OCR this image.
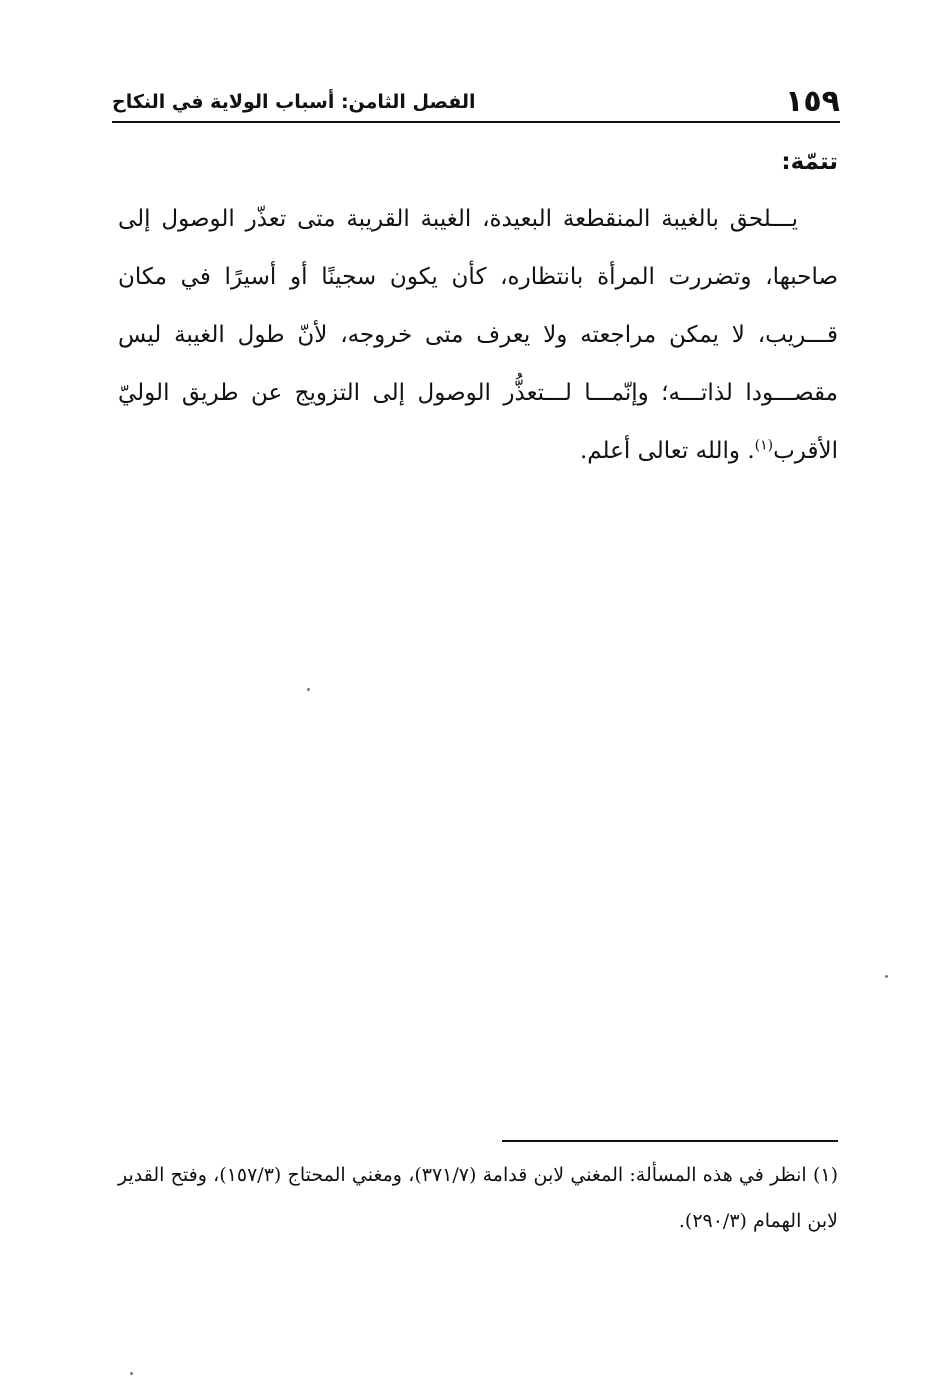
١٥٩
الفصل الثامن: أسباب الولاية في النكاح
تتمّة:

يـــلحق بالغيبة المنقطعة البعيدة، الغيبة القريبة متى تعذّر الوصول إلى صاحبها، وتضررت المرأة بانتظاره، كأن يكون سجينًا أو أسيرًا في مكان قـــريب، لا يمكن مراجعته ولا يعرف متى خروجه، لأنّ طول الغيبة ليس مقصـــودا لذاتـــه؛ وإنّمـــا لـــتعذُّر الوصول إلى التزويج عن طريق الوليّ الأقرب$^{(١)}$. والله تعالى أعلم.

(١) انظر في هذه المسألة: المغني لابن قدامة (٣٧١/٧)، ومغني المحتاج (١٥٧/٣)، وفتح القدير لابن الهمام (٢٩٠/٣).
